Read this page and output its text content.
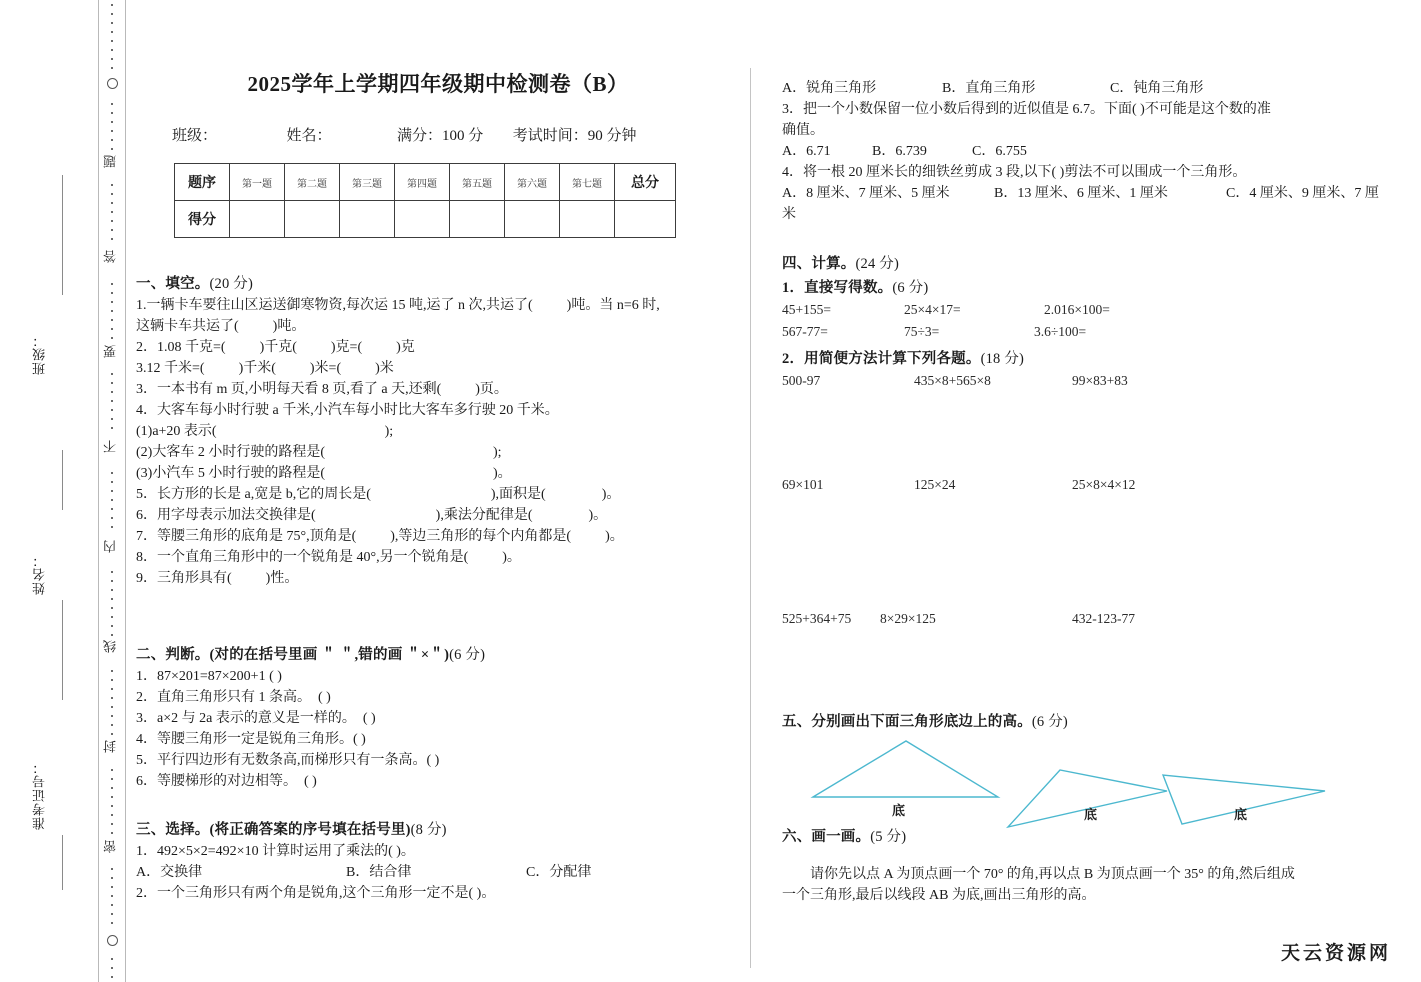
题
答
要
不
内
线
封
密
班级：
姓名：
准考证号：
2025学年上学期四年级期中检测卷（B）
班级：	姓名：	满分：100 分 考试时间：90 分钟
题序	第一题	第二题	第三题	第四题	第五题	第六题	第七题	总分
得分								
一、填空。(20 分)
1.一辆卡车要往山区运送御寒物资,每次运 15 吨,运了 n 次,共运了( )吨。当 n=6 时,
这辆卡车共运了( )吨。
2．1.08 千克=( )千克( )克=( )克
3.12 千米=( )千米( )米=( )米
3．一本书有 m 页,小明每天看 8 页,看了 a 天,还剩( )页。
4．大客车每小时行驶 a 千米,小汽车每小时比大客车多行驶 20 千米。
(1)a+20 表示(	);
(2)大客车 2 小时行驶的路程是(	);
(3)小汽车 5 小时行驶的路程是(	)。
5．长方形的长是 a,宽是 b,它的周长是(	),面积是(	)。
6．用字母表示加法交换律是(	),乘法分配律是(	)。
7．等腰三角形的底角是 75°,顶角是( ),等边三角形的每个内角都是( )。
8．一个直角三角形中的一个锐角是 40°,另一个锐角是( )。
9．三角形具有( )性。
二、判断。(对的在括号里画 ＂ ＂,错的画 ＂×＂)(6 分)
1．87×201=87×200+1 ( )
2．直角三角形只有 1 条高。 ( )
3．a×2 与 2a 表示的意义是一样的。 ( )
4．等腰三角形一定是锐角三角形。( )
5．平行四边形有无数条高,而梯形只有一条高。( )
6．等腰梯形的对边相等。 ( )
三、选择。(将正确答案的序号填在括号里)(8 分)
1．492×5×2=492×10 计算时运用了乘法的( )。
A．交换律	B．结合律	C．分配律
2．一个三角形只有两个角是锐角,这个三角形一定不是( )。
A．锐角三角形	B．直角三角形	C．钝角三角形
3．把一个小数保留一位小数后得到的近似值是 6.7。下面( )不可能是这个数的准
确值。
A．6.71	B．6.739	C．6.755
4．将一根 20 厘米长的细铁丝剪成 3 段,以下( )剪法不可以围成一个三角形。
A．8 厘米、7 厘米、5 厘米	B．13 厘米、6 厘米、1 厘米	C．4 厘米、9 厘米、7 厘
米
四、计算。(24 分)
1．直接写得数。(6 分)
45+155=	25×4×17=	2.016×100=
567-77=	75÷3=	3.6÷100=
2．用简便方法计算下列各题。(18 分)
500-97	435×8+565×8	99×83+83
69×101	125×24	25×8×4×12
525+364+75	8×29×125	432-123-77
五、分别画出下面三角形底边上的高。(6 分)
底	底	底
六、画一画。(5 分)
请你先以点 A 为顶点画一个 70° 的角,再以点 B 为顶点画一个 35° 的角,然后组成
一个三角形,最后以线段 AB 为底,画出三角形的高。
天云资源网
